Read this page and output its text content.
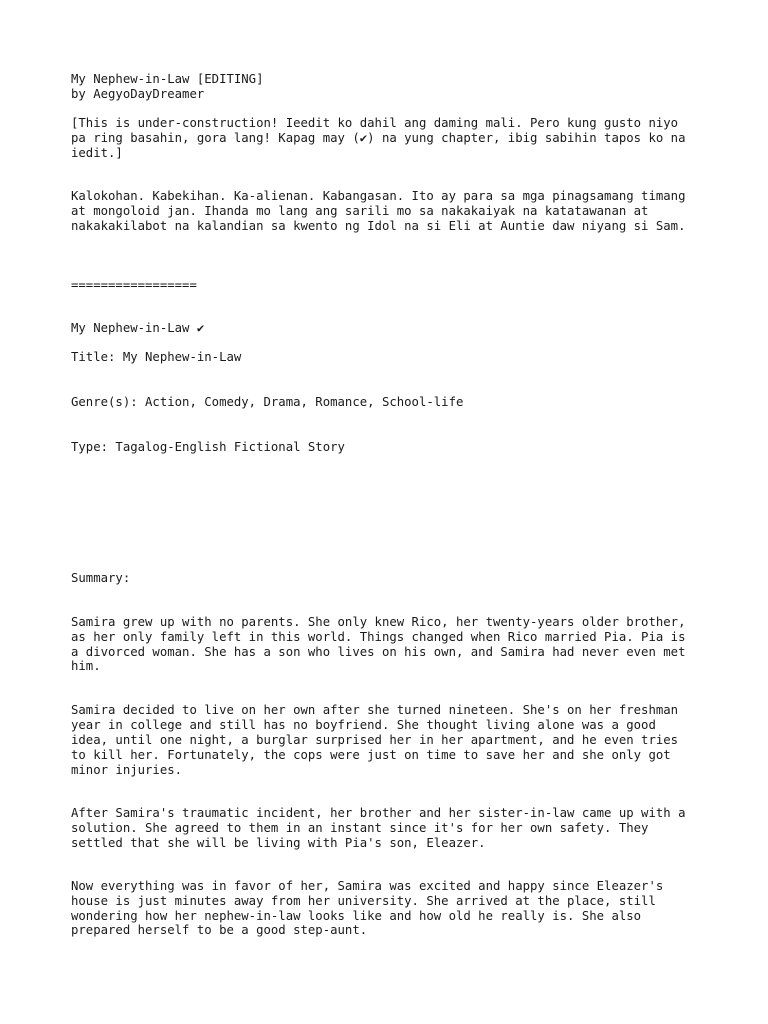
My Nephew-in-Law [EDITING]
by AegyoDayDreamer
[This is under-construction! Ieedit ko dahil ang daming mali. Pero kung gusto niyo
pa ring basahin, gora lang! Kapag may (✔) na yung chapter, ibig sabihin tapos ko na
iedit.]
Kalokohan. Kabekihan. Ka-alienan. Kabangasan. Ito ay para sa mga pinagsamang timang
at mongoloid jan. Ihanda mo lang ang sarili mo sa nakakaiyak na katatawanan at
nakakakilabot na kalandian sa kwento ng Idol na si Eli at Auntie daw niyang si Sam.
=================
My Nephew-in-Law ✔
Title: My Nephew-in-Law
Genre(s): Action, Comedy, Drama, Romance, School-life
Type: Tagalog-English Fictional Story
Summary:
Samira grew up with no parents. She only knew Rico, her twenty-years older brother,
as her only family left in this world. Things changed when Rico married Pia. Pia is
a divorced woman. She has a son who lives on his own, and Samira had never even met
him.
Samira decided to live on her own after she turned nineteen. She's on her freshman
year in college and still has no boyfriend. She thought living alone was a good
idea, until one night, a burglar surprised her in her apartment, and he even tries
to kill her. Fortunately, the cops were just on time to save her and she only got
minor injuries.
After Samira's traumatic incident, her brother and her sister-in-law came up with a
solution. She agreed to them in an instant since it's for her own safety. They
settled that she will be living with Pia's son, Eleazer.
Now everything was in favor of her, Samira was excited and happy since Eleazer's
house is just minutes away from her university. She arrived at the place, still
wondering how her nephew-in-law looks like and how old he really is. She also
prepared herself to be a good step-aunt.
